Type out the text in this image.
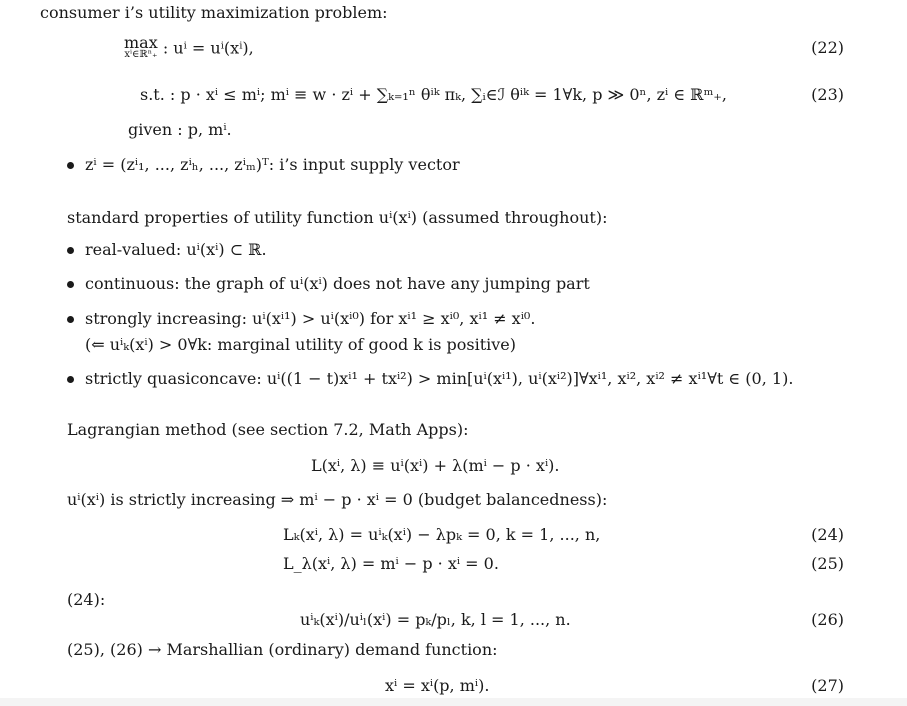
consumer i’s utility maximization problem:
max
xⁱ∈ℝⁿ₊ : uⁱ = uⁱ(xⁱ),	(22)
s.t. : p · xⁱ ≤ mⁱ; mⁱ ≡ w · zⁱ + ∑ₖ₌₁ⁿ θⁱᵏ πₖ, ∑ᵢ∈ℐ θⁱᵏ = 1∀k, p ≫ 0ⁿ, zⁱ ∈ ℝᵐ₊,	(23)
given : p, mⁱ.
zⁱ = (zⁱ₁, ..., zⁱₕ, ..., zⁱₘ)ᵀ: i’s input supply vector
standard properties of utility function uⁱ(xⁱ) (assumed throughout):
real-valued: uⁱ(xⁱ) ⊂ ℝ.
continuous: the graph of uⁱ(xⁱ) does not have any jumping part
strongly increasing: uⁱ(xⁱ¹) > uⁱ(xⁱ⁰) for xⁱ¹ ≥ xⁱ⁰, xⁱ¹ ≠ xⁱ⁰.
(⇐ uⁱₖ(xⁱ) > 0∀k: marginal utility of good k is positive)
strictly quasiconcave: uⁱ((1 − t)xⁱ¹ + txⁱ²) > min[uⁱ(xⁱ¹), uⁱ(xⁱ²)]∀xⁱ¹, xⁱ², xⁱ² ≠ xⁱ¹∀t ∈ (0, 1).
Lagrangian method (see section 7.2, Math Apps):
L(xⁱ, λ) ≡ uⁱ(xⁱ) + λ(mⁱ − p · xⁱ).
uⁱ(xⁱ) is strictly increasing ⇒ mⁱ − p · xⁱ = 0 (budget balancedness):
Lₖ(xⁱ, λ) = uⁱₖ(xⁱ) − λpₖ = 0, k = 1, ..., n,	(24)
L_λ(xⁱ, λ) = mⁱ − p · xⁱ = 0.	(25)
(24):
uⁱₖ(xⁱ)/uⁱₗ(xⁱ) = pₖ/pₗ, k, l = 1, ..., n.	(26)
(25), (26) → Marshallian (ordinary) demand function:
xⁱ = xⁱ(p, mⁱ).	(27)
